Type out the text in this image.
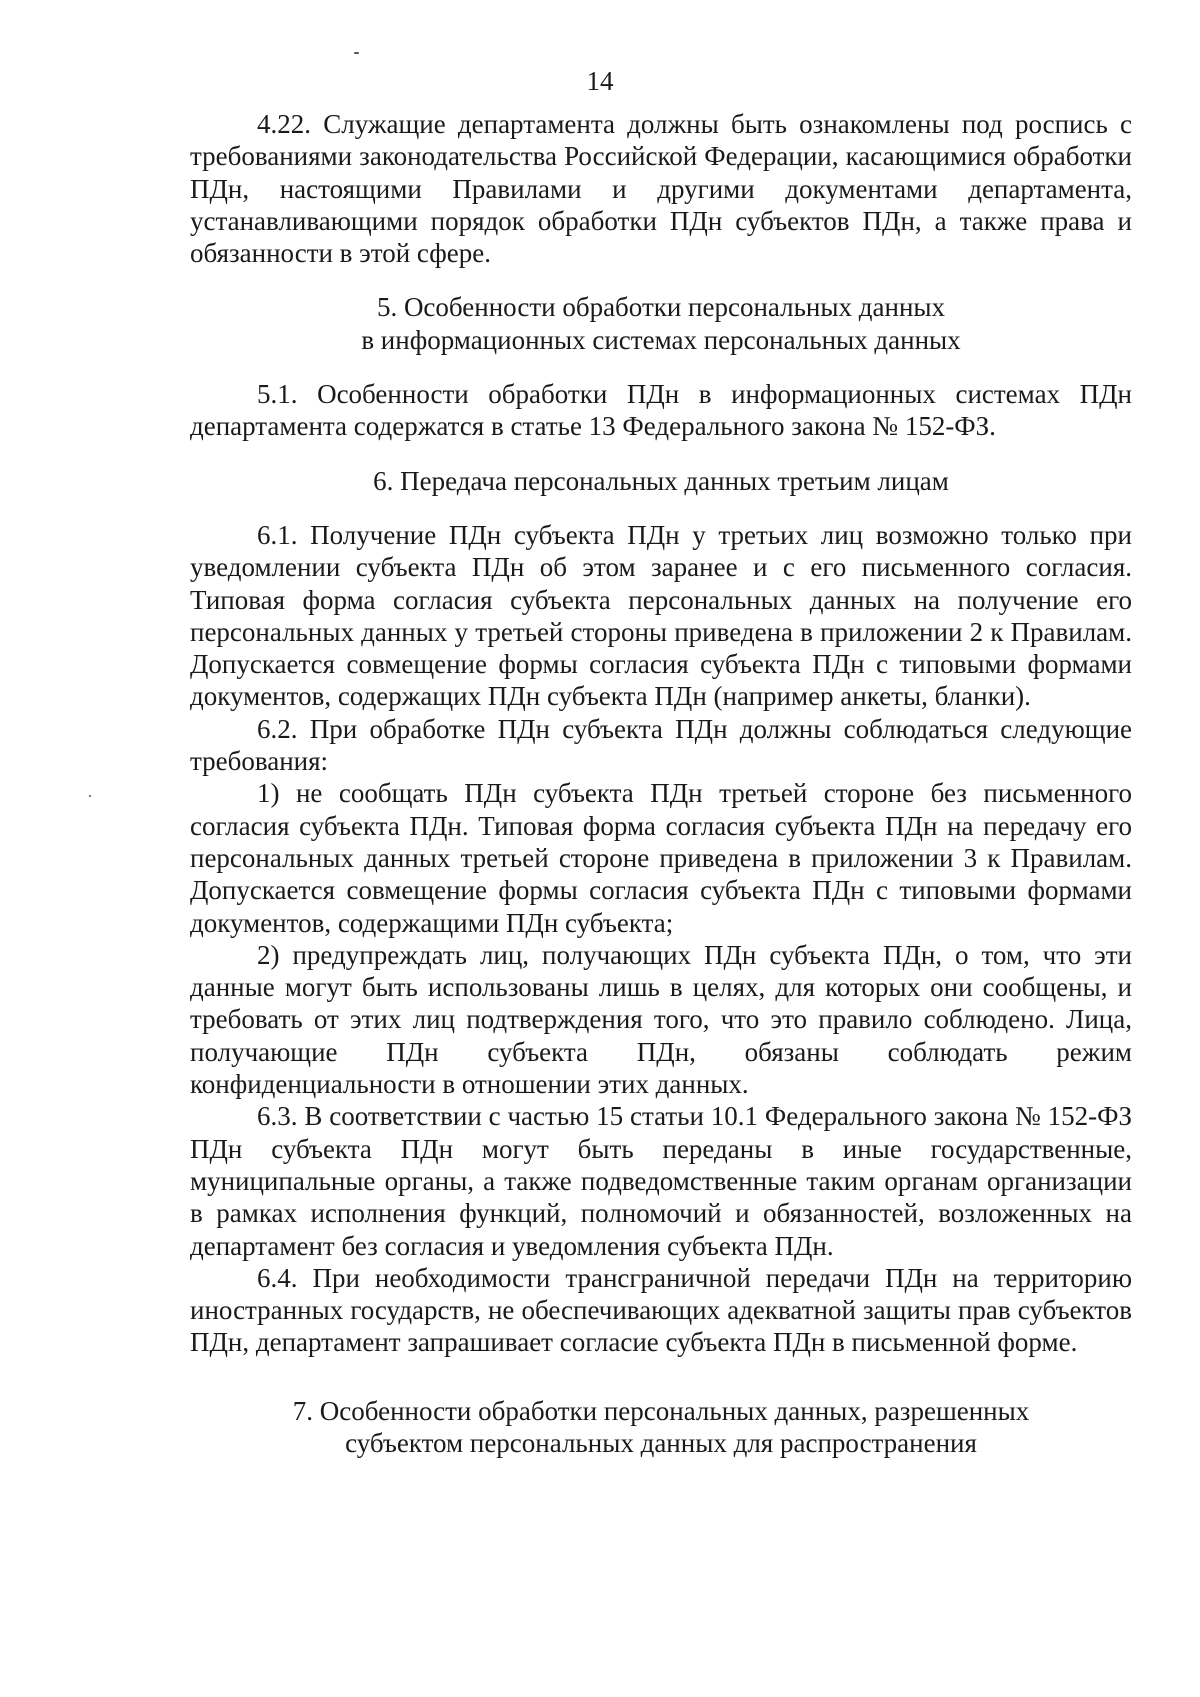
14

4.22. Служащие департамента должны быть ознакомлены под роспись с требованиями законодательства Российской Федерации, касающимися обработки ПДн, настоящими Правилами и другими документами департамента, устанавливающими порядок обработки ПДн субъектов ПДн, а также права и обязанности в этой сфере.

5. Особенности обработки персональных данных

в информационных системах персональных данных

5.1. Особенности обработки ПДн в информационных системах ПДн департамента содержатся в статье 13 Федерального закона № 152-ФЗ.

6. Передача персональных данных третьим лицам

6.1. Получение ПДн субъекта ПДн у третьих лиц возможно только при уведомлении субъекта ПДн об этом заранее и с его письменного согласия. Типовая форма согласия субъекта персональных данных на получение его персональных данных у третьей стороны приведена в приложении 2 к Правилам. Допускается совмещение формы согласия субъекта ПДн с типовыми формами документов, содержащих ПДн субъекта ПДн (например анкеты, бланки).

6.2. При обработке ПДн субъекта ПДн должны соблюдаться следующие требования:

1) не сообщать ПДн субъекта ПДн третьей стороне без письменного согласия субъекта ПДн. Типовая форма согласия субъекта ПДн на передачу его персональных данных третьей стороне приведена в приложении 3 к Правилам. Допускается совмещение формы согласия субъекта ПДн с типовыми формами документов, содержащими ПДн субъекта;

2) предупреждать лиц, получающих ПДн субъекта ПДн, о том, что эти данные могут быть использованы лишь в целях, для которых они сообщены, и требовать от этих лиц подтверждения того, что это правило соблюдено. Лица, получающие ПДн субъекта ПДн, обязаны соблюдать режим конфиденциальности в отношении этих данных.

6.3. В соответствии с частью 15 статьи 10.1 Федерального закона № 152-ФЗ ПДн субъекта ПДн могут быть переданы в иные государственные, муниципальные органы, а также подведомственные таким органам организации в рамках исполнения функций, полномочий и обязанностей, возложенных на департамент без согласия и уведомления субъекта ПДн.

6.4. При необходимости трансграничной передачи ПДн на территорию иностранных государств, не обеспечивающих адекватной защиты прав субъектов ПДн, департамент запрашивает согласие субъекта ПДн в письменной форме.

7. Особенности обработки персональных данных, разрешенных

субъектом персональных данных для распространения
